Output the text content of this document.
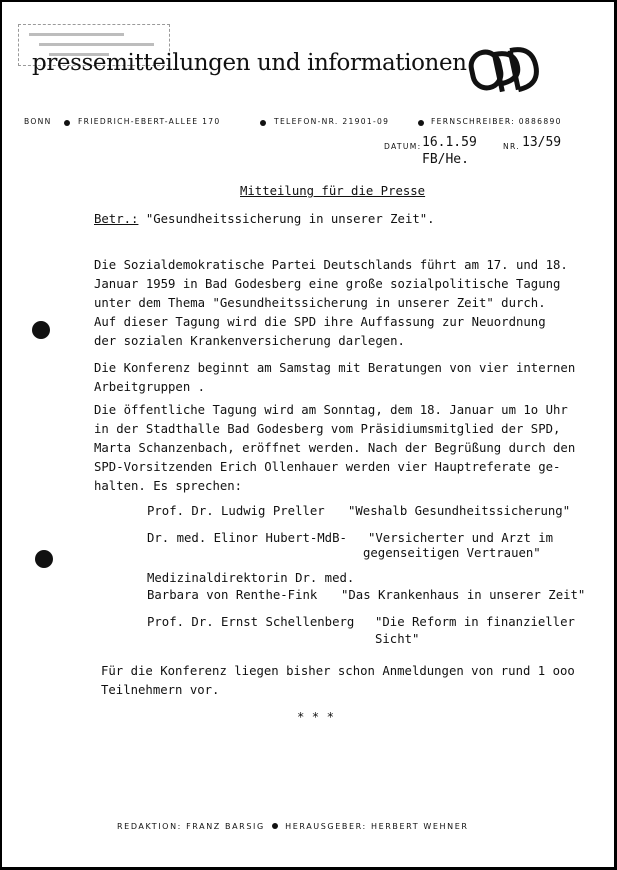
pressemitteilungen und informationen
BONN	FRIEDRICH-EBERT-ALLEE 170	TELEFON-NR. 21901-09	FERNSCHREIBER: 0886890
DATUM: 16.1.59	NR. 13/59
FB/He.
Mitteilung für die Presse
Betr.: "Gesundheitssicherung in unserer Zeit".
Die Sozialdemokratische Partei Deutschlands führt am 17. und 18.
Januar 1959 in Bad Godesberg eine große sozialpolitische Tagung
unter dem Thema "Gesundheitssicherung in unserer Zeit" durch.
Auf dieser Tagung wird die SPD ihre Auffassung zur Neuordnung
der sozialen Krankenversicherung darlegen.
Die Konferenz beginnt am Samstag mit Beratungen von vier internen
Arbeitgruppen .
Die öffentliche Tagung wird am Sonntag, dem 18. Januar um 1o Uhr
in der Stadthalle Bad Godesberg vom Präsidiumsmitglied der SPD,
Marta Schanzenbach, eröffnet werden. Nach der Begrüßung durch den
SPD-Vorsitzenden Erich Ollenhauer werden vier Hauptreferate ge-
halten. Es sprechen:
Prof. Dr. Ludwig Preller "Weshalb Gesundheitssicherung"
Dr. med. Elinor Hubert-MdB- "Versicherter und Arzt im
gegenseitigen Vertrauen"
Medizinaldirektorin Dr. med.
Barbara von Renthe-Fink "Das Krankenhaus in unserer Zeit"
Prof. Dr. Ernst Schellenberg "Die Reform in finanzieller
Sicht"
Für die Konferenz liegen bisher schon Anmeldungen von rund 1 ooo
Teilnehmern vor.
* * *
REDAKTION: FRANZ BARSIG	HERAUSGEBER: HERBERT WEHNER
